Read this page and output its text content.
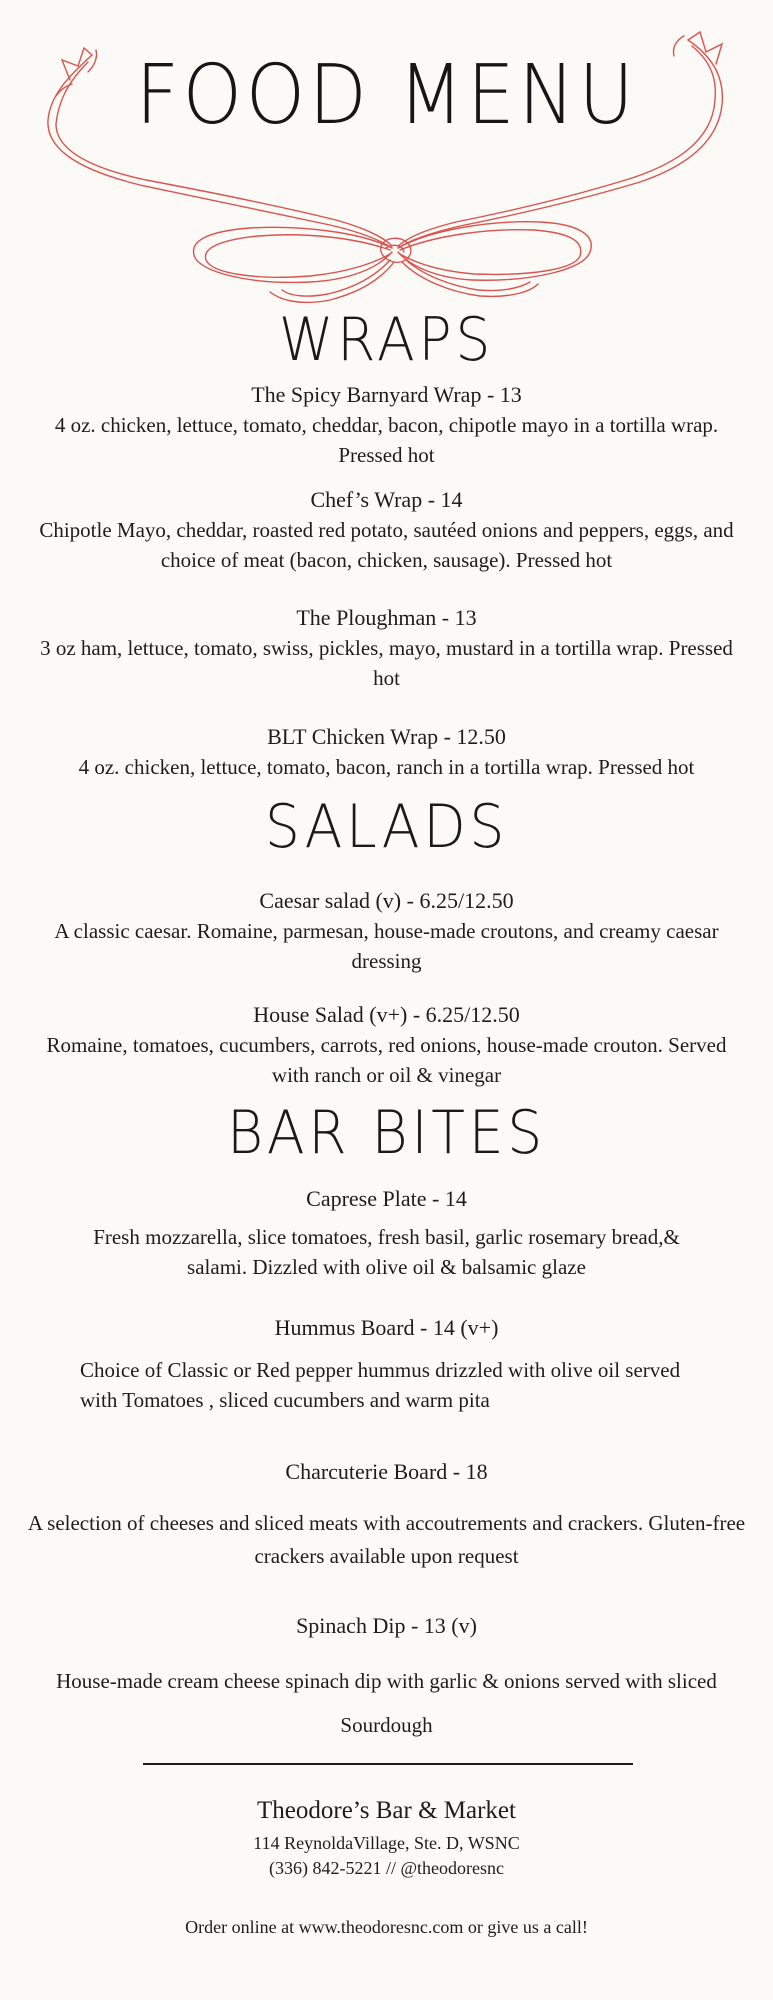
FOOD MENU
WRAPS
The Spicy Barnyard Wrap - 13
4 oz. chicken, lettuce, tomato, cheddar, bacon, chipotle mayo in a tortilla wrap. Pressed hot
Chef’s Wrap - 14
Chipotle Mayo, cheddar, roasted red potato, sautéed onions and peppers, eggs, and choice of meat (bacon, chicken, sausage). Pressed hot
The Ploughman - 13
3 oz ham, lettuce, tomato, swiss, pickles, mayo, mustard in a tortilla wrap. Pressed hot
BLT Chicken Wrap - 12.50
4 oz. chicken, lettuce, tomato, bacon, ranch in a tortilla wrap. Pressed hot
SALADS
Caesar salad (v) - 6.25/12.50
A classic caesar. Romaine, parmesan, house-made croutons, and creamy caesar dressing
House Salad (v+) - 6.25/12.50
Romaine, tomatoes, cucumbers, carrots, red onions, house-made crouton. Served with ranch or oil & vinegar
BAR BITES
Caprese Plate - 14
Fresh mozzarella, slice tomatoes, fresh basil, garlic rosemary bread,& salami. Dizzled with olive oil & balsamic glaze
Hummus Board - 14 (v+)
Choice of Classic or Red pepper hummus drizzled with olive oil served with Tomatoes , sliced cucumbers and warm pita
Charcuterie Board - 18
A selection of cheeses and sliced meats with accoutrements and crackers. Gluten-free crackers available upon request
Spinach Dip - 13 (v)
House-made cream cheese spinach dip with garlic & onions served with sliced Sourdough
Theodore’s Bar & Market
114 ReynoldaVillage, Ste. D, WSNC
(336) 842-5221 // @theodoresnc
Order online at www.theodoresnc.com or give us a call!
